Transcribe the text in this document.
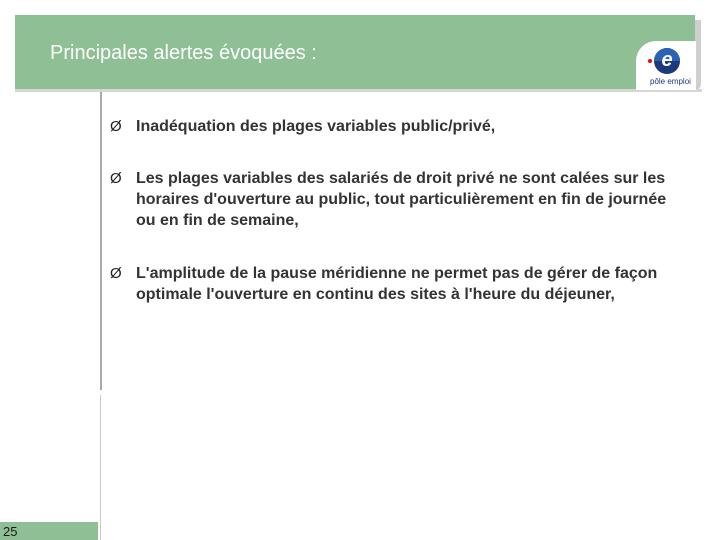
Principales alertes évoquées :	e
pôle emploi
Ø Inadéquation des plages variables public/privé,
Ø Les plages variables des salariés de droit privé ne sont calées sur les horaires d'ouverture au public, tout particulièrement en fin de journée ou en fin de semaine,
Ø L'amplitude de la pause méridienne ne permet pas de gérer de façon optimale l'ouverture en continu des sites à l'heure du déjeuner,
25
